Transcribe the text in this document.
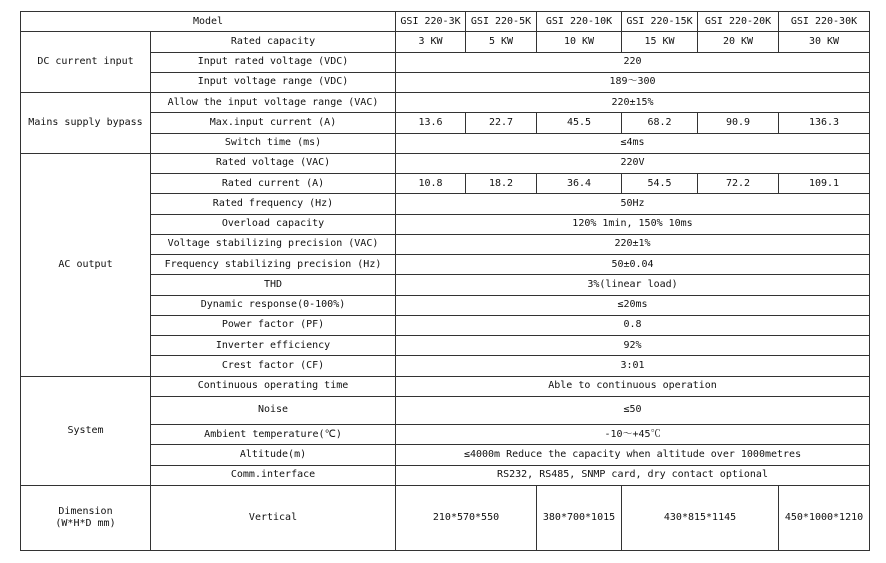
Model		GSI 220-3K	GSI 220-5K	GSI 220-10K	GSI 220-15K	GSI 220-20K	GSI 220-30K
DC current input	Rated capacity	3 KW	5 KW	10 KW	15 KW	20 KW	30 KW
	Input rated voltage (VDC)	220					
	Input voltage range (VDC)	189～300					
Mains supply bypass	Allow the input voltage range (VAC)	220±15%					
	Max.input current (A)	13.6	22.7	45.5	68.2	90.9	136.3
	Switch time (ms)	≤4ms					
AC output	Rated voltage (VAC)	220V					
	Rated current (A)	10.8	18.2	36.4	54.5	72.2	109.1
	Rated frequency (Hz)	50Hz					
	Overload capacity	120% 1min, 150% 10ms					
	Voltage stabilizing precision (VAC)	220±1%					
	Frequency stabilizing precision (Hz)	50±0.04					
	THD	3%(linear load)					
	Dynamic response(0-100%)	≤20ms					
	Power factor (PF)	0.8					
	Inverter efficiency	92%					
	Crest factor (CF)	3:01					
System	Continuous operating time	Able to continuous operation					
	Noise	≤50					
	Ambient temperature(℃)	-10～+45℃					
	Altitude(m)	≤4000m Reduce the capacity when altitude over 1000metres					
	Comm.interface	RS232, RS485, SNMP card, dry contact optional					

Dimension
(W*H*D mm)	Vertical	210*570*550		380*700*1015	430*815*1145		450*1000*1210
